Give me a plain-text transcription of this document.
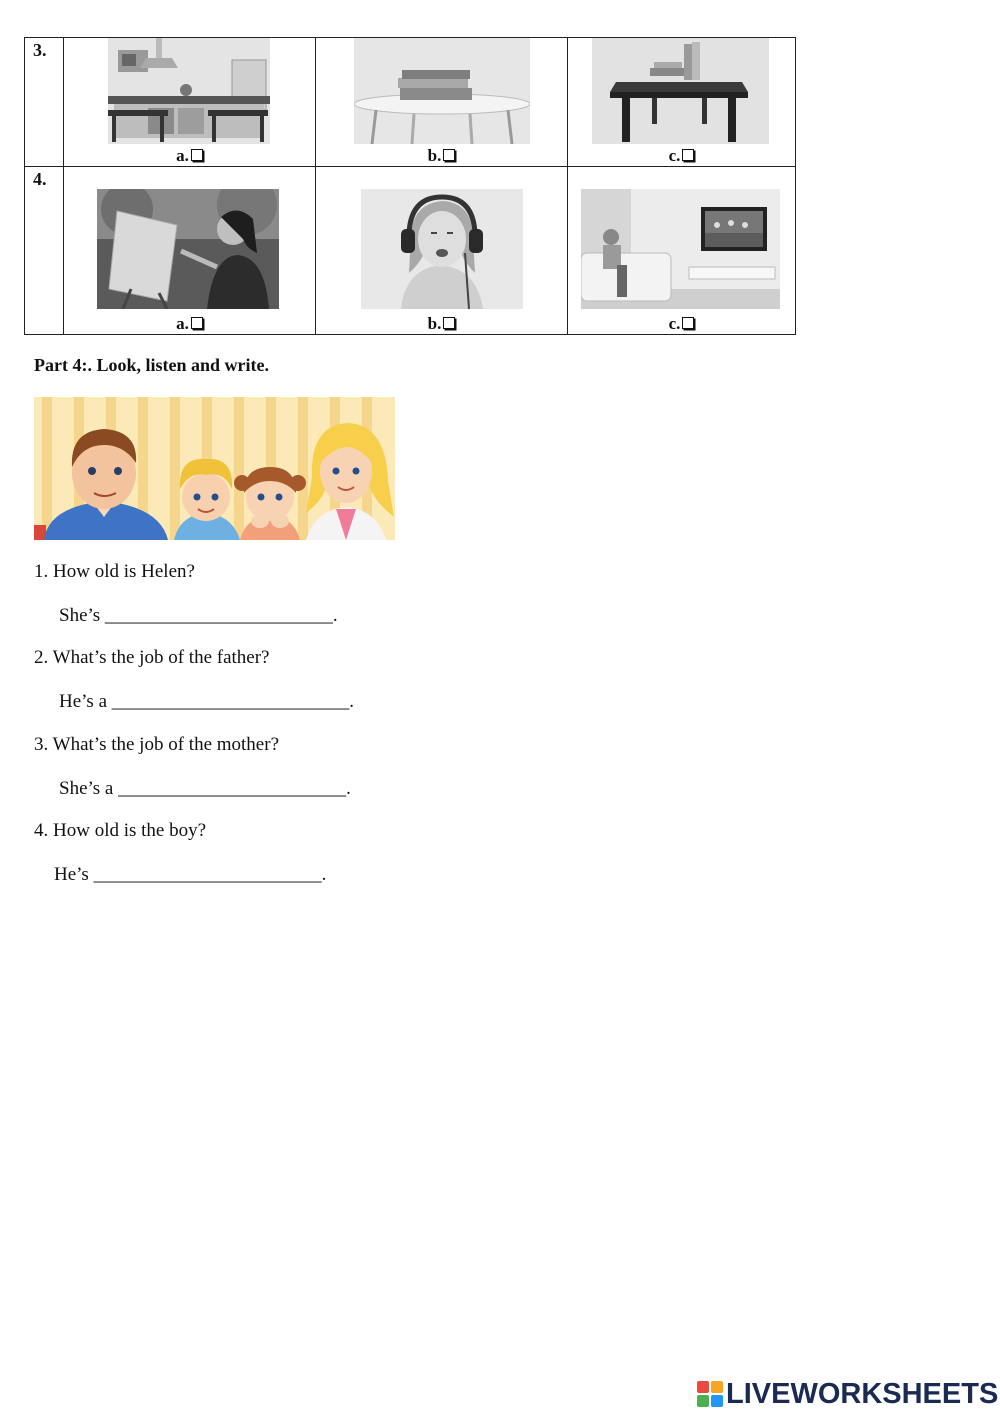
3.	a.	b.	c.

4.	a.	b.	c.
Part 4:. Look, listen and write.
1. How old is Helen?
She’s ________________________.
2. What’s the job of the father?
He’s a _________________________.
3. What’s the job of the mother?
She’s a ________________________.
4. How old is the boy?
He’s ________________________.
LIVEWORKSHEETS
